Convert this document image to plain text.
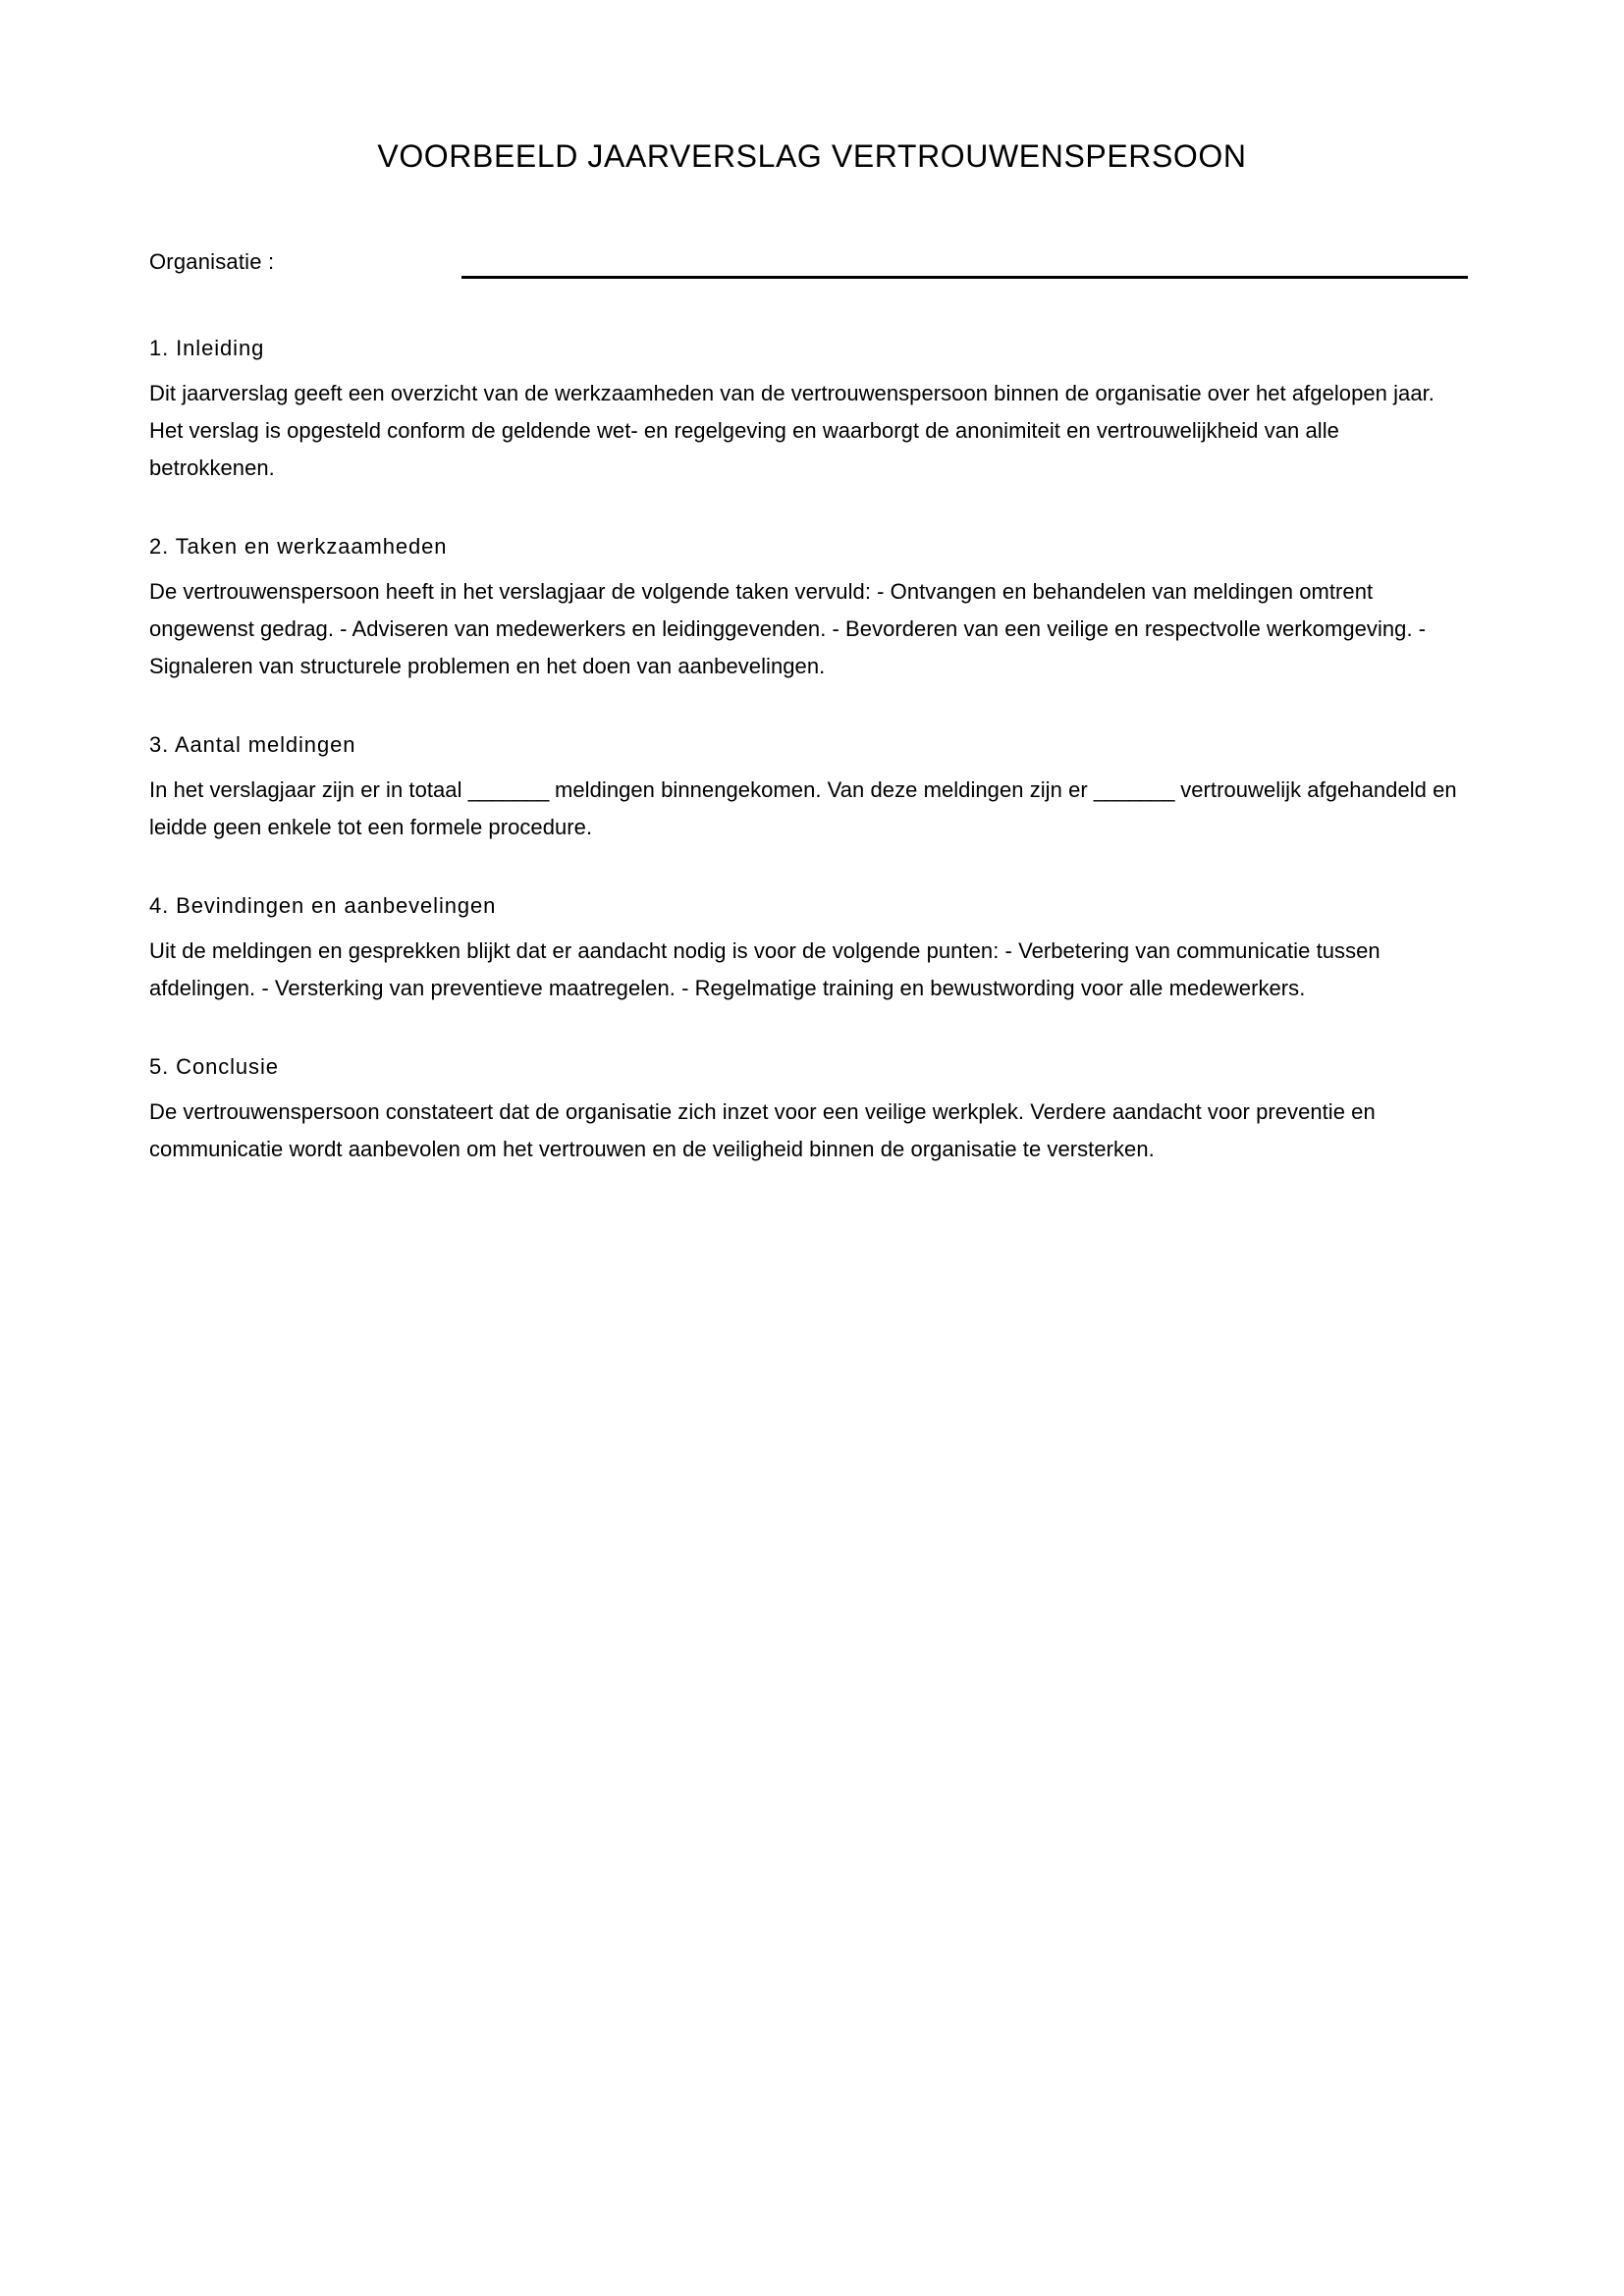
VOORBEELD JAARVERSLAG VERTROUWENSPERSOON
Organisatie :
1. Inleiding

Dit jaarverslag geeft een overzicht van de werkzaamheden van de vertrouwenspersoon binnen de organisatie over het afgelopen jaar. Het verslag is opgesteld conform de geldende wet- en regelgeving en waarborgt de anonimiteit en vertrouwelijkheid van alle betrokkenen.

2. Taken en werkzaamheden

De vertrouwenspersoon heeft in het verslagjaar de volgende taken vervuld: - Ontvangen en behandelen van meldingen omtrent ongewenst gedrag. - Adviseren van medewerkers en leidinggevenden. - Bevorderen van een veilige en respectvolle werkomgeving. - Signaleren van structurele problemen en het doen van aanbevelingen.

3. Aantal meldingen

In het verslagjaar zijn er in totaal _______ meldingen binnengekomen. Van deze meldingen zijn er _______ vertrouwelijk afgehandeld en leidde geen enkele tot een formele procedure.

4. Bevindingen en aanbevelingen

Uit de meldingen en gesprekken blijkt dat er aandacht nodig is voor de volgende punten: - Verbetering van communicatie tussen afdelingen. - Versterking van preventieve maatregelen. - Regelmatige training en bewustwording voor alle medewerkers.

5. Conclusie

De vertrouwenspersoon constateert dat de organisatie zich inzet voor een veilige werkplek. Verdere aandacht voor preventie en communicatie wordt aanbevolen om het vertrouwen en de veiligheid binnen de organisatie te versterken.
